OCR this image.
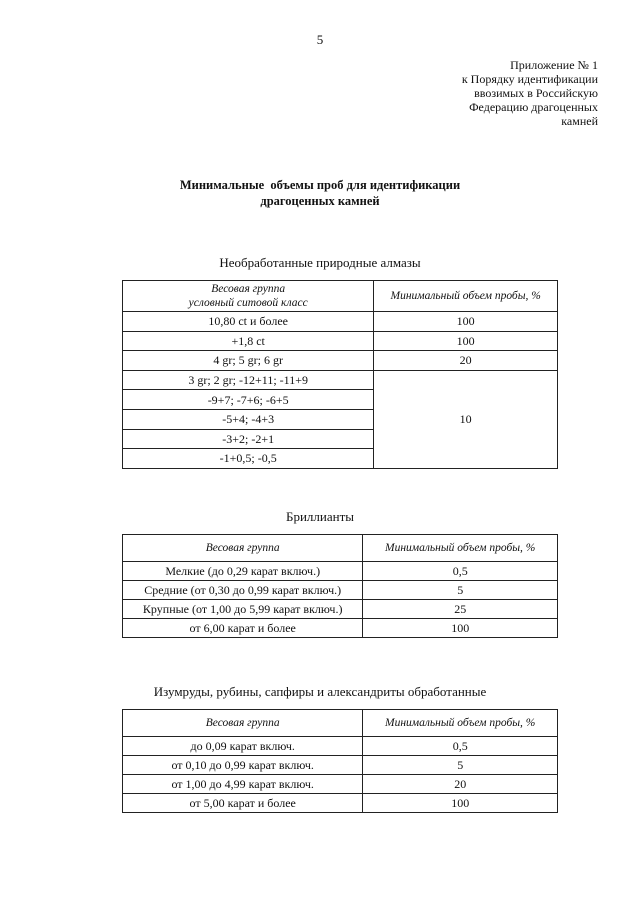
5
Приложение № 1
к Порядку идентификации
ввозимых в Российскую
Федерацию драгоценных
камней
Минимальные  объемы проб для идентификации
драгоценных камней
Необработанные природные алмазы
Весовая группа
условный ситовой класс	Минимальный объем пробы, %
10,80 ct и более	100
+1,8 ct	100
4 gr; 5 gr; 6 gr	20
3 gr; 2 gr; -12+11; -11+9	10
-9+7; -7+6; -6+5	
-5+4; -4+3	
-3+2; -2+1	
-1+0,5; -0,5	
Бриллианты
Весовая группа	Минимальный объем пробы, %
Мелкие (до 0,29 карат включ.)	0,5
Средние (от 0,30 до 0,99 карат включ.)	5
Крупные (от 1,00 до 5,99 карат включ.)	25
от 6,00 карат и более	100
Изумруды, рубины, сапфиры и александриты обработанные
Весовая группа	Минимальный объем пробы, %
до 0,09 карат включ.	0,5
от 0,10 до 0,99 карат включ.	5
от 1,00 до 4,99 карат включ.	20
от 5,00 карат и более	100
